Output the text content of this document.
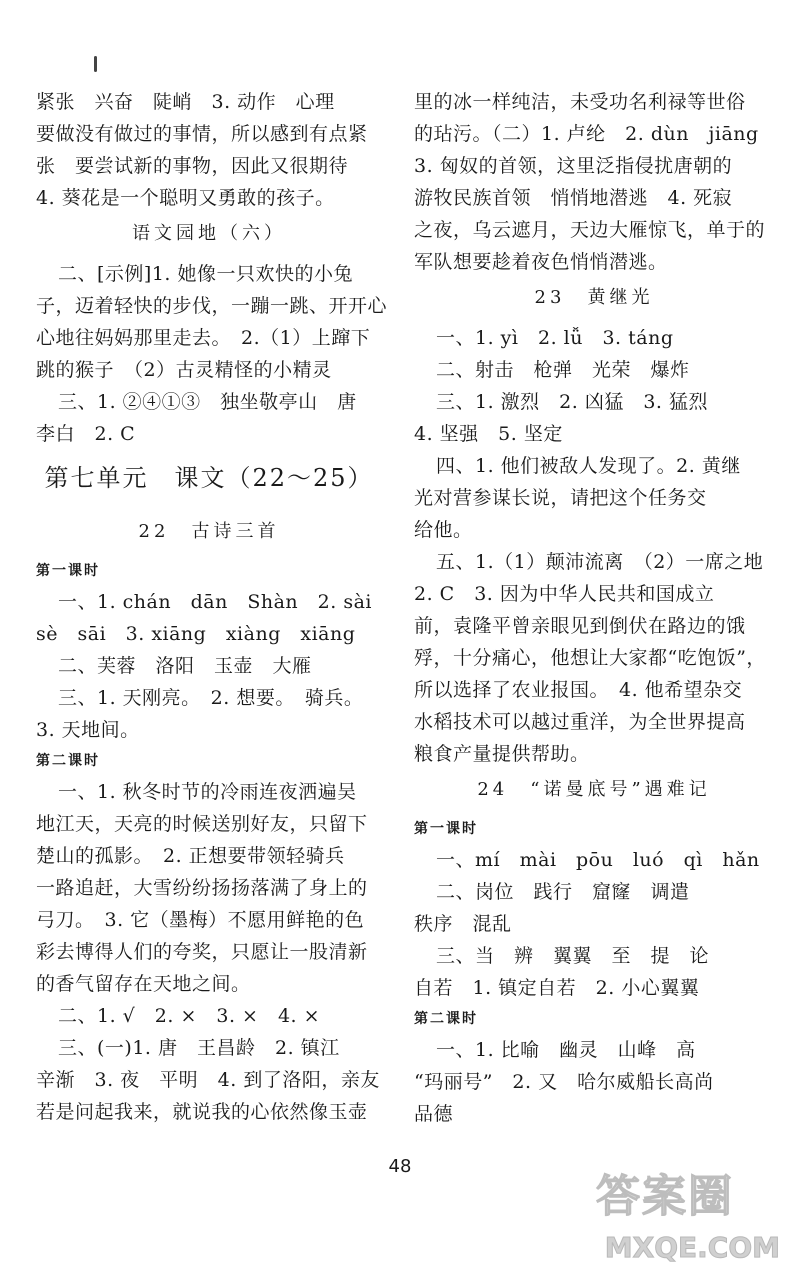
紧张　兴奋　陡峭　3. 动作　心理
要做没有做过的事情，所以感到有点紧
张　要尝试新的事物，因此又很期待
4. 葵花是一个聪明又勇敢的孩子。
语文园地（六）
二、[示例]1. 她像一只欢快的小兔
子，迈着轻快的步伐，一蹦一跳、开开心
心地往妈妈那里走去。　2.（1）上蹿下
跳的猴子　（2）古灵精怪的小精灵
三、1. ②④①③　独坐敬亭山　唐
李白　2. C
第七单元　课文（22～25）
22　古诗三首
第一课时
一、1. chán　dān　Shàn　2. sài
sè　sāi　3. xiāng　xiàng　xiāng
二、芙蓉　洛阳　玉壶　大雁
三、1. 天刚亮。　2. 想要。　骑兵。
3. 天地间。
第二课时
一、1. 秋冬时节的冷雨连夜洒遍吴
地江天，天亮的时候送别好友，只留下
楚山的孤影。　2. 正想要带领轻骑兵
一路追赶，大雪纷纷扬扬落满了身上的
弓刀。　3. 它（墨梅）不愿用鲜艳的色
彩去博得人们的夸奖，只愿让一股清新
的香气留存在天地之间。
二、1. √　2. ×　3. ×　4. ×
三、(一)1. 唐　王昌龄　2. 镇江
辛渐　3. 夜　平明　4. 到了洛阳，亲友
若是问起我来，就说我的心依然像玉壶
里的冰一样纯洁，未受功名利禄等世俗
的玷污。（二）1. 卢纶　2. dùn　jiāng
3. 匈奴的首领，这里泛指侵扰唐朝的
游牧民族首领　悄悄地潜逃　4. 死寂
之夜，乌云遮月，天边大雁惊飞，单于的
军队想要趁着夜色悄悄潜逃。
23　黄继光
一、1. yì　2. lǚ　3. táng
二、射击　枪弹　光荣　爆炸
三、1. 激烈　2. 凶猛　3. 猛烈
4. 坚强　5. 坚定
四、1. 他们被敌人发现了。2. 黄继
光对营参谋长说，请把这个任务交
给他。
五、1.（1）颠沛流离　（2）一席之地
2. C　3. 因为中华人民共和国成立
前，袁隆平曾亲眼见到倒伏在路边的饿
殍，十分痛心，他想让大家都“吃饱饭”，
所以选择了农业报国。　4. 他希望杂交
水稻技术可以越过重洋，为全世界提高
粮食产量提供帮助。
24　“诺曼底号”遇难记
第一课时
一、mí　mài　pōu　luó　qì　hǎn
二、岗位　践行　窟窿　调遣
秩序　混乱
三、当　辨　翼翼　至　提　论
自若　1. 镇定自若　2. 小心翼翼
第二课时
一、1. 比喻　幽灵　山峰　高
“玛丽号”　2. 又　哈尔威船长高尚
品德
48
答案圈
MXQE.COM
